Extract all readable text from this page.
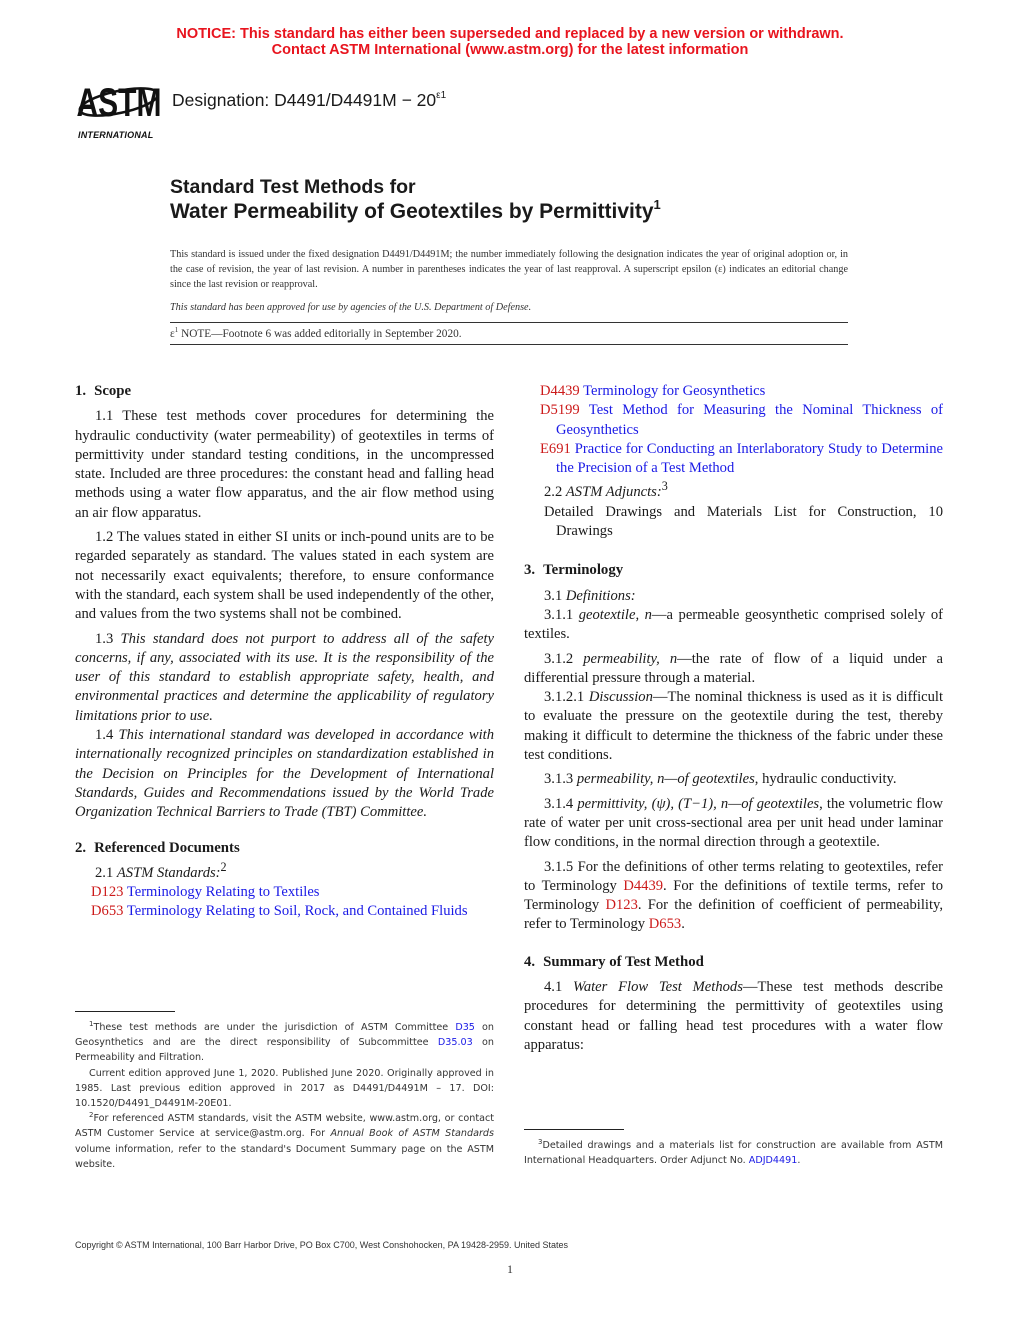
NOTICE: This standard has either been superseded and replaced by a new version or withdrawn.
Contact ASTM International (www.astm.org) for the latest information
ASTM
INTERNATIONAL
Designation: $D4491/D4491M - 20^{\varepsilon 1}$
Standard Test Methods for
Water Permeability of Geotextiles by Permittivity$^1$
This standard is issued under the fixed designation D4491/D4491M; the number immediately following the designation indicates the year of original adoption or, in the case of revision, the year of last revision. A number in parentheses indicates the year of last reapproval. A superscript epsilon (ε) indicates an editorial change since the last revision or reapproval.
This standard has been approved for use by agencies of the U.S. Department of Defense.
$\varepsilon^1$ NOTE—Footnote 6 was added editorially in September 2020.
1. Scope

1.1 These test methods cover procedures for determining the hydraulic conductivity (water permeability) of geotextiles in terms of permittivity under standard testing conditions, in the uncompressed state. Included are three procedures: the constant head and falling head methods using a water flow apparatus, and the air flow method using an air flow apparatus.

1.2 The values stated in either SI units or inch-pound units are to be regarded separately as standard. The values stated in each system are not necessarily exact equivalents; therefore, to ensure conformance with the standard, each system shall be used independently of the other, and values from the two systems shall not be combined.

1.3 This standard does not purport to address all of the safety concerns, if any, associated with its use. It is the responsibility of the user of this standard to establish appropriate safety, health, and environmental practices and determine the applicability of regulatory limitations prior to use.

1.4 This international standard was developed in accordance with internationally recognized principles on standardization established in the Decision on Principles for the Development of International Standards, Guides and Recommendations issued by the World Trade Organization Technical Barriers to Trade (TBT) Committee.

2. Referenced Documents

2.1 ASTM Standards:$^2$

D123 Terminology Relating to Textiles

D653 Terminology Relating to Soil, Rock, and Contained Fluids

$^1$These test methods are under the jurisdiction of ASTM Committee D35 on Geosynthetics and are the direct responsibility of Subcommittee D35.03 on Permeability and Filtration.

Current edition approved June 1, 2020. Published June 2020. Originally approved in 1985. Last previous edition approved in 2017 as D4491/D4491M – 17. DOI: 10.1520/D4491_D4491M-20E01.

$^2$For referenced ASTM standards, visit the ASTM website, www.astm.org, or contact ASTM Customer Service at service@astm.org. For Annual Book of ASTM Standards volume information, refer to the standard's Document Summary page on the ASTM website.

D4439 Terminology for Geosynthetics

D5199 Test Method for Measuring the Nominal Thickness of Geosynthetics

E691 Practice for Conducting an Interlaboratory Study to Determine the Precision of a Test Method

2.2 ASTM Adjuncts:$^3$

Detailed Drawings and Materials List for Construction, 10 Drawings

3. Terminology

3.1 Definitions:

3.1.1 geotextile, n—a permeable geosynthetic comprised solely of textiles.

3.1.2 permeability, n—the rate of flow of a liquid under a differential pressure through a material.

3.1.2.1 Discussion—The nominal thickness is used as it is difficult to evaluate the pressure on the geotextile during the test, thereby making it difficult to determine the thickness of the fabric under these test conditions.

3.1.3 permeability, n—of geotextiles, hydraulic conductivity.

3.1.4 permittivity, (ψ), (T−1), n—of geotextiles, the volumetric flow rate of water per unit cross-sectional area per unit head under laminar flow conditions, in the normal direction through a geotextile.

3.1.5 For the definitions of other terms relating to geotextiles, refer to Terminology D4439. For the definitions of textile terms, refer to Terminology D123. For the definition of coefficient of permeability, refer to Terminology D653.

4. Summary of Test Method

4.1 Water Flow Test Methods—These test methods describe procedures for determining the permittivity of geotextiles using constant head or falling head test procedures with a water flow apparatus:

$^3$Detailed drawings and a materials list for construction are available from ASTM International Headquarters. Order Adjunct No. ADJD4491.

Copyright © ASTM International, 100 Barr Harbor Drive, PO Box C700, West Conshohocken, PA 19428-2959. United States
1
